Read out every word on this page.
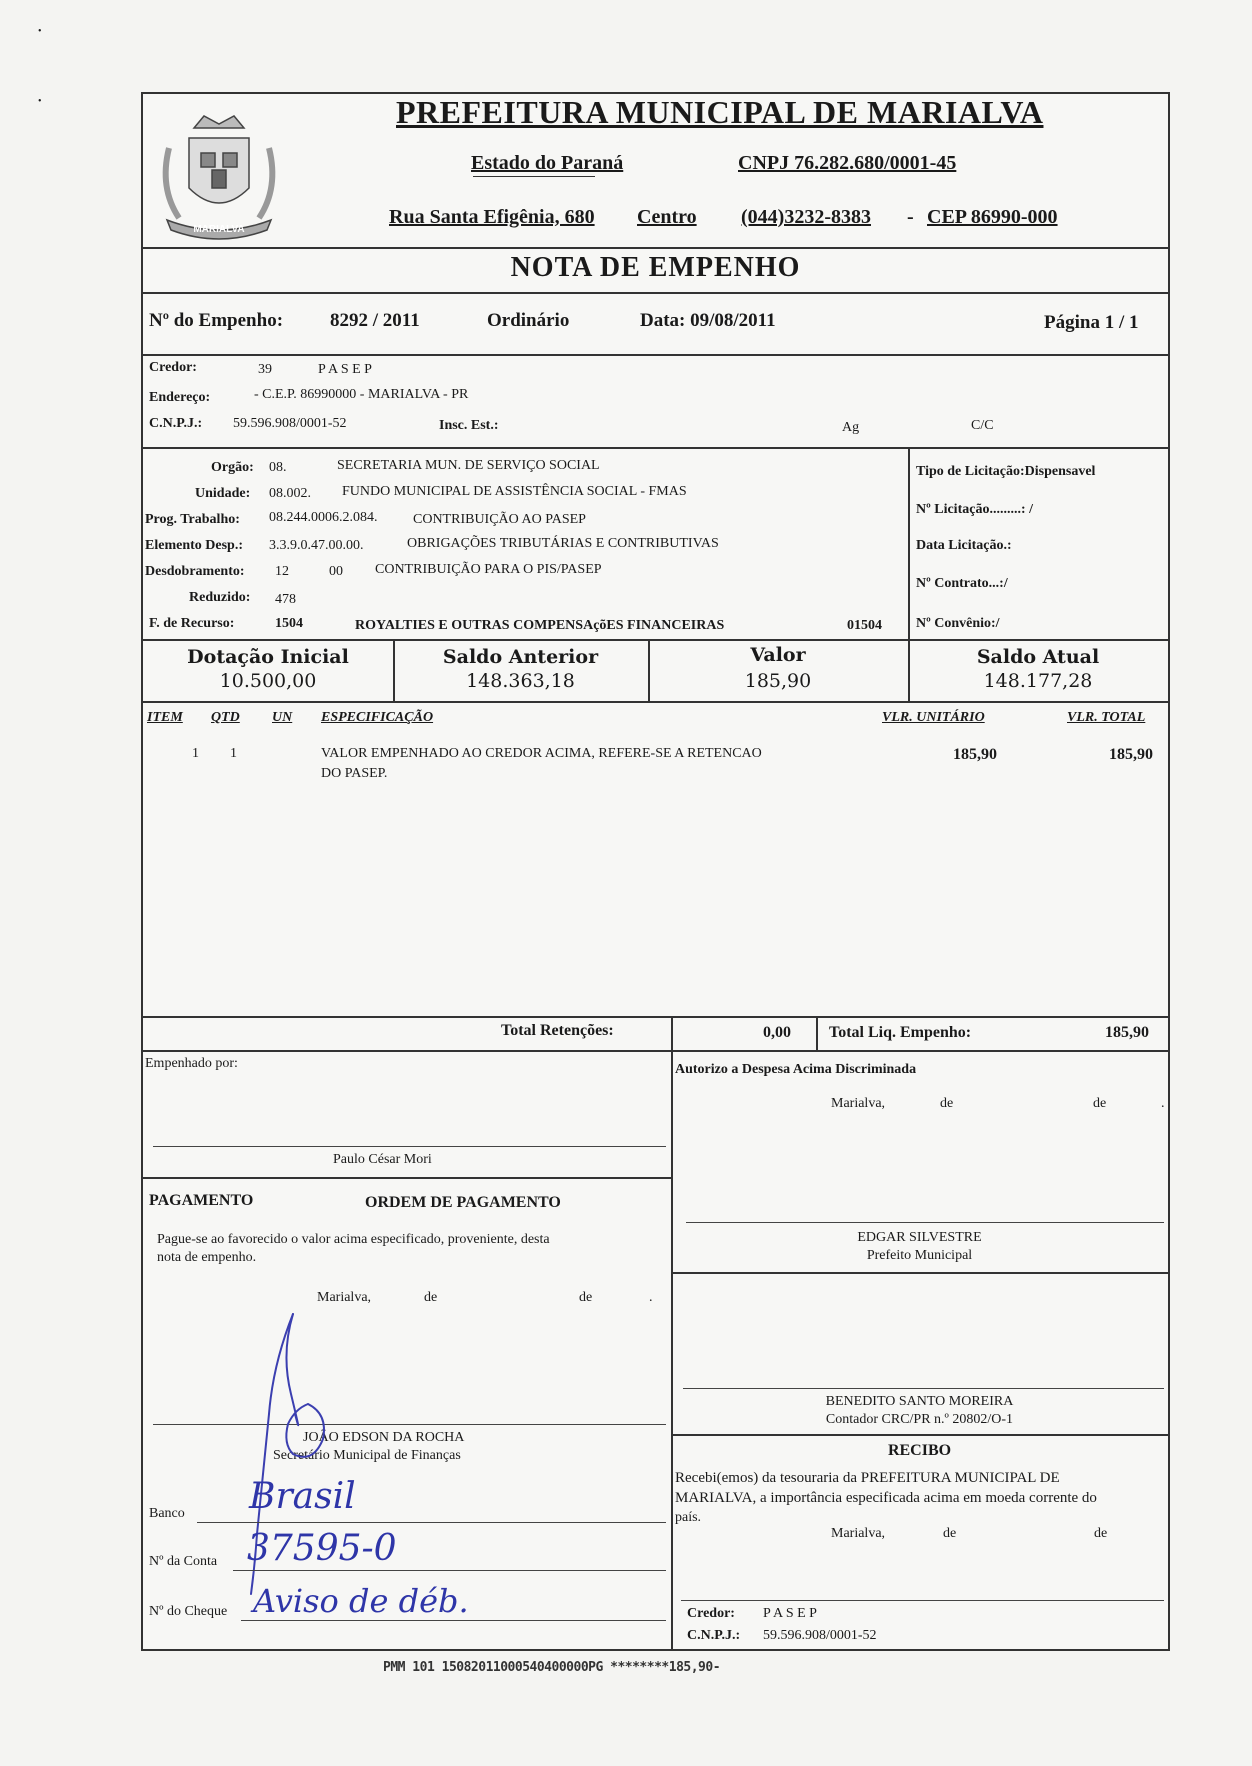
•
•
MARIALVA
PREFEITURA MUNICIPAL DE MARIALVA
Estado do Paraná	CNPJ 76.282.680/0001-45
Rua Santa Efigênia, 680 Centro (044)3232-8383 - CEP 86990-000
NOTA DE EMPENHO
Nº do Empenho: 8292 / 2011	Ordinário	Data: 09/08/2011	Página 1 / 1
Credor:	39	P A S E P
Endereço:	- C.E.P. 86990000 - MARIALVA - PR
C.N.P.J.: 59.596.908/0001-52	Insc. Est.:	Ag	C/C
Orgão: 08.	SECRETARIA MUN. DE SERVIÇO SOCIAL
Unidade: 08.002. FUNDO MUNICIPAL DE ASSISTÊNCIA SOCIAL - FMAS
Prog. Trabalho: 08.244.0006.2.084.	CONTRIBUIÇÃO AO PASEP
Elemento Desp.: 3.3.9.0.47.00.00.	OBRIGAÇÕES TRIBUTÁRIAS E CONTRIBUTIVAS
Desdobramento: 12	00 CONTRIBUIÇÃO PARA O PIS/PASEP
Reduzido: 478
F. de Recurso:	1504	ROYALTIES E OUTRAS COMPENSAçõES FINANCEIRAS	01504
Tipo de Licitação:Dispensavel
Nº Licitação.........: /
Data Licitação.:
Nº Contrato...:/
Nº Convênio:/
Dotação Inicial
10.500,00
Saldo Anterior
148.363,18
Valor
185,90
Saldo Atual
148.177,28
ITEM QTD UN ESPECIFICAÇÃO	VLR. UNITÁRIO	VLR. TOTAL
1 1	VALOR EMPENHADO AO CREDOR ACIMA, REFERE-SE A RETENCAO
DO PASEP.
185,90	185,90
Total Retenções:	0,00 Total Liq. Empenho:	185,90
Empenhado por:
Paulo César Mori
PAGAMENTO	ORDEM DE PAGAMENTO
Pague-se ao favorecido o valor acima especificado, proveniente, desta
nota de empenho.
Marialva,	de	de	.
JOÃO EDSON DA ROCHA
Secretário Municipal de Finanças
Banco Brasil
Nº da Conta 37595-0
Nº do Cheque Aviso de déb.
Autorizo a Despesa Acima Discriminada
Marialva,	de	de	.
EDGAR SILVESTRE
Prefeito Municipal
BENEDITO SANTO MOREIRA
Contador CRC/PR n.º 20802/O-1
RECIBO
Recebi(emos) da tesouraria da PREFEITURA MUNICIPAL DE
MARIALVA, a importância especificada acima em moeda corrente do
país.
Marialva,	de	de
Credor: P A S E P
C.N.P.J.: 59.596.908/0001-52
PMM 101 15082011000540400000PG ********185,90-
